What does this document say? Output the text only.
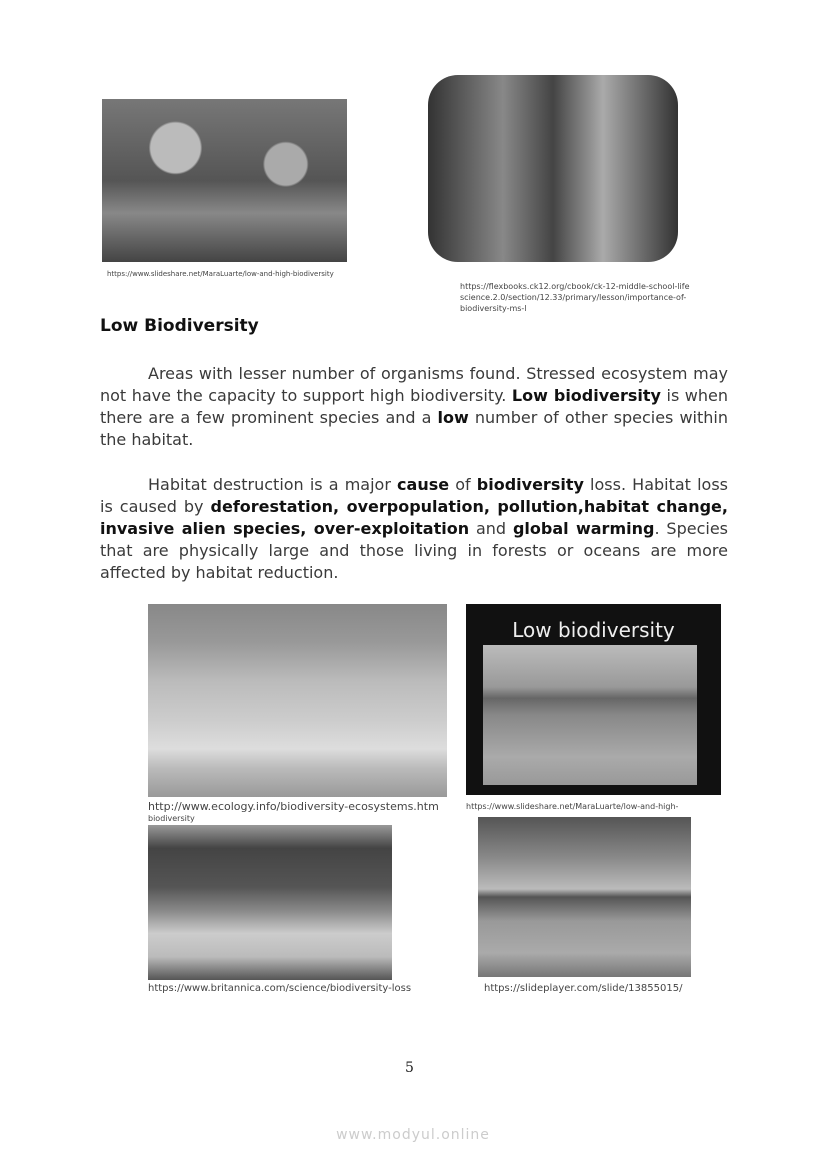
https://www.slideshare.net/MaraLuarte/low-and-high-biodiversity
https://flexbooks.ck12.org/cbook/ck-12-middle-school-life science.2.0/section/12.33/primary/lesson/importance-of-biodiversity-ms-l
Low Biodiversity

Areas with lesser number of organisms found. Stressed ecosystem may not have the capacity to support high biodiversity. Low biodiversity is when there are a few prominent species and a low number of other species within the habitat.

Habitat destruction is a major cause of biodiversity loss. Habitat loss is caused by deforestation, overpopulation, pollution,habitat change, invasive alien species, over-exploitation and global warming. Species that are physically large and those living in forests or oceans are more affected by habitat reduction.

http://www.ecology.info/biodiversity-ecosystems.htm
biodiversity
Low biodiversity
https://www.slideshare.net/MaraLuarte/low-and-high-
https://www.britannica.com/science/biodiversity-loss	https://slideplayer.com/slide/13855015/
5
www.modyul.online
